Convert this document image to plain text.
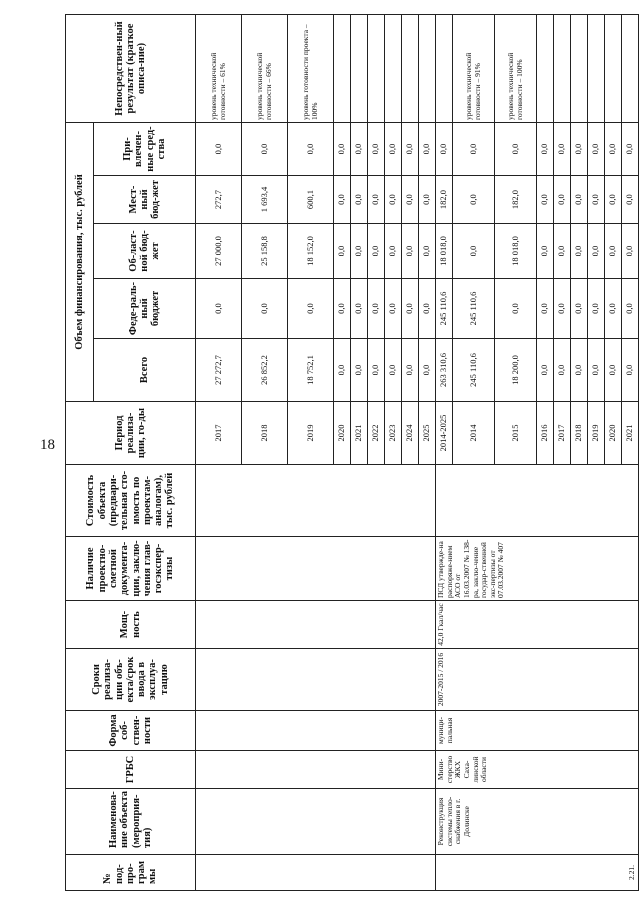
18
№ под-про-грам мы	Наименова-ние объекта (мероприя-тия)	ГРБС	Форма соб-ствен-ности	Сроки реализа-ции объ-екта/срок ввода в эксплуа-тацию	Мощ-ность	Наличие проектно-сметной документа-ции, заклю-чения глав-госэкспер-тизы	Стоимость объекта (предвари-тельная сто-имость по проектам-аналогам), тыс. рублей	Период реализа-ции, го-ды	Объем финансирования, тыс. рублей					Непосредствен-ный результат (краткое описа-ние)
									Всего	Феде-раль-ный бюджет	Об-ласт-ной бюд-жет	Мест-ный бюд-жет	При-влечен-ные сред-ства	
								2017	27 272,7	0,0	27 000,0	272,7	0,0	уровень технической готовности – 61%
								2018	26 852,2	0,0	25 158,8	1 693,4	0,0	уровень технической готовности – 66%
								2019	18 752,1	0,0	18 152,0	600,1	0,0	уровень готовности проекта – 100%
								2020	0,0	0,0	0,0	0,0	0,0	
								2021	0,0	0,0	0,0	0,0	0,0	
								2022	0,0	0,0	0,0	0,0	0,0	
								2023	0,0	0,0	0,0	0,0	0,0	
								2024	0,0	0,0	0,0	0,0	0,0	
								2025	0,0	0,0	0,0	0,0	0,0	
2.21.	Реконструкция системы тепло-снабжения в г. Долинске	Мини-стерство ЖКХ Саха-линской области	муници-пальная	2007-2015 / 2016	42,0 Гкал/час	ПСД утвержде-на распоряже-нием АСО от 16.03.2007 № 138-ра, заклю-чение государ-ственной экс-пертизы от 07.03.2007 № 407		2014-2025	263 310,6	245 110,6	18 018,0	182,0	0,0	
								2014	245 110,6	245 110,6	0,0	0,0	0,0	уровень технической готовности – 91%
								2015	18 200,0	0,0	18 018,0	182,0	0,0	уровень технической готовности – 100%
								2016	0,0	0,0	0,0	0,0	0,0	
								2017	0,0	0,0	0,0	0,0	0,0	
								2018	0,0	0,0	0,0	0,0	0,0	
								2019	0,0	0,0	0,0	0,0	0,0	
								2020	0,0	0,0	0,0	0,0	0,0	
								2021	0,0	0,0	0,0	0,0	0,0	
